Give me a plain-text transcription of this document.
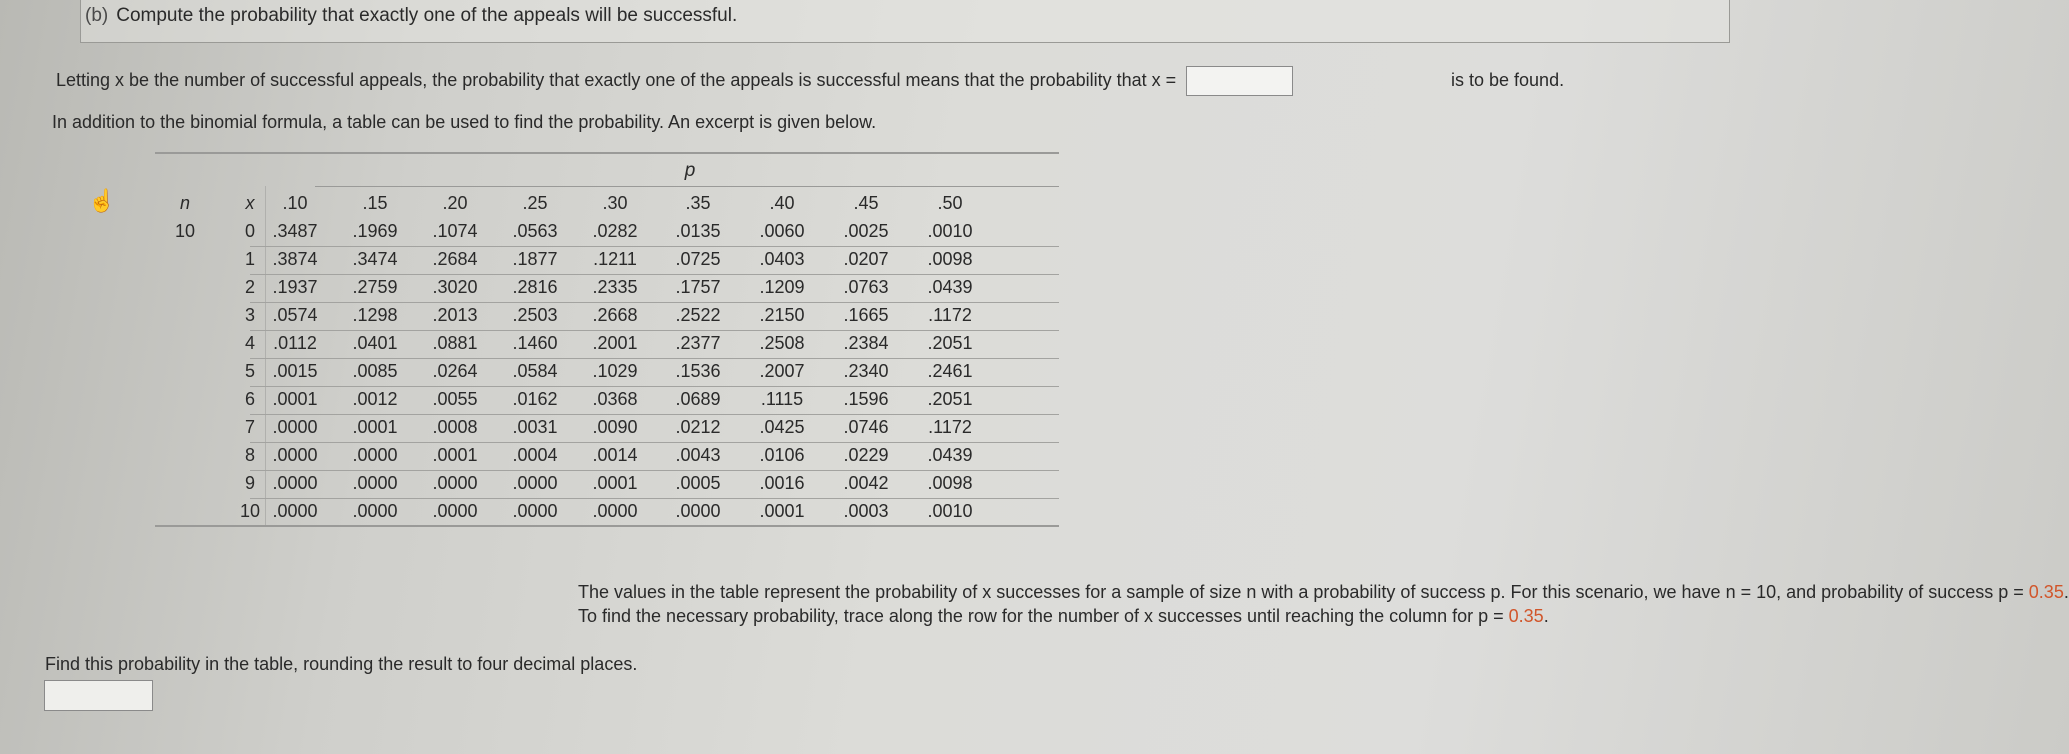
(b) Compute the probability that exactly one of the appeals will be successful.
Letting x be the number of successful appeals, the probability that exactly one of the appeals is successful means that the probability that x =	is to be found.
In addition to the binomial formula, a table can be used to find the probability. An excerpt is given below.
☝
p
n	x	.10	.15	.20	.25	.30	.35	.40	.45	.50
10	0 .3487	.1969	.1074	.0563	.0282	.0135	.0060	.0025	.0010
1 .3874	.3474	.2684	.1877	.1211	.0725	.0403	.0207	.0098
2 .1937	.2759	.3020	.2816	.2335	.1757	.1209	.0763	.0439
3 .0574	.1298	.2013	.2503	.2668	.2522	.2150	.1665	.1172
4	.0112	.0401	.0881	.1460	.2001	.2377	.2508	.2384	.2051
5 .0015	.0085	.0264	.0584	.1029	.1536	.2007	.2340	.2461
6 .0001	.0012	.0055	.0162	.0368	.0689	.1115	.1596	.2051
7 .0000	.0001	.0008	.0031	.0090	.0212	.0425	.0746	.1172
8 .0000	.0000	.0001	.0004	.0014	.0043	.0106	.0229	.0439
9 .0000	.0000	.0000	.0000	.0001	.0005	.0016	.0042	.0098
10 .0000	.0000	.0000	.0000	.0000	.0000	.0001	.0003	.0010
The values in the table represent the probability of x successes for a sample of size n with a probability of success p. For this scenario, we have n = 10, and probability of success p = 0.35.
To find the necessary probability, trace along the row for the number of x successes until reaching the column for p = 0.35.
Find this probability in the table, rounding the result to four decimal places.
